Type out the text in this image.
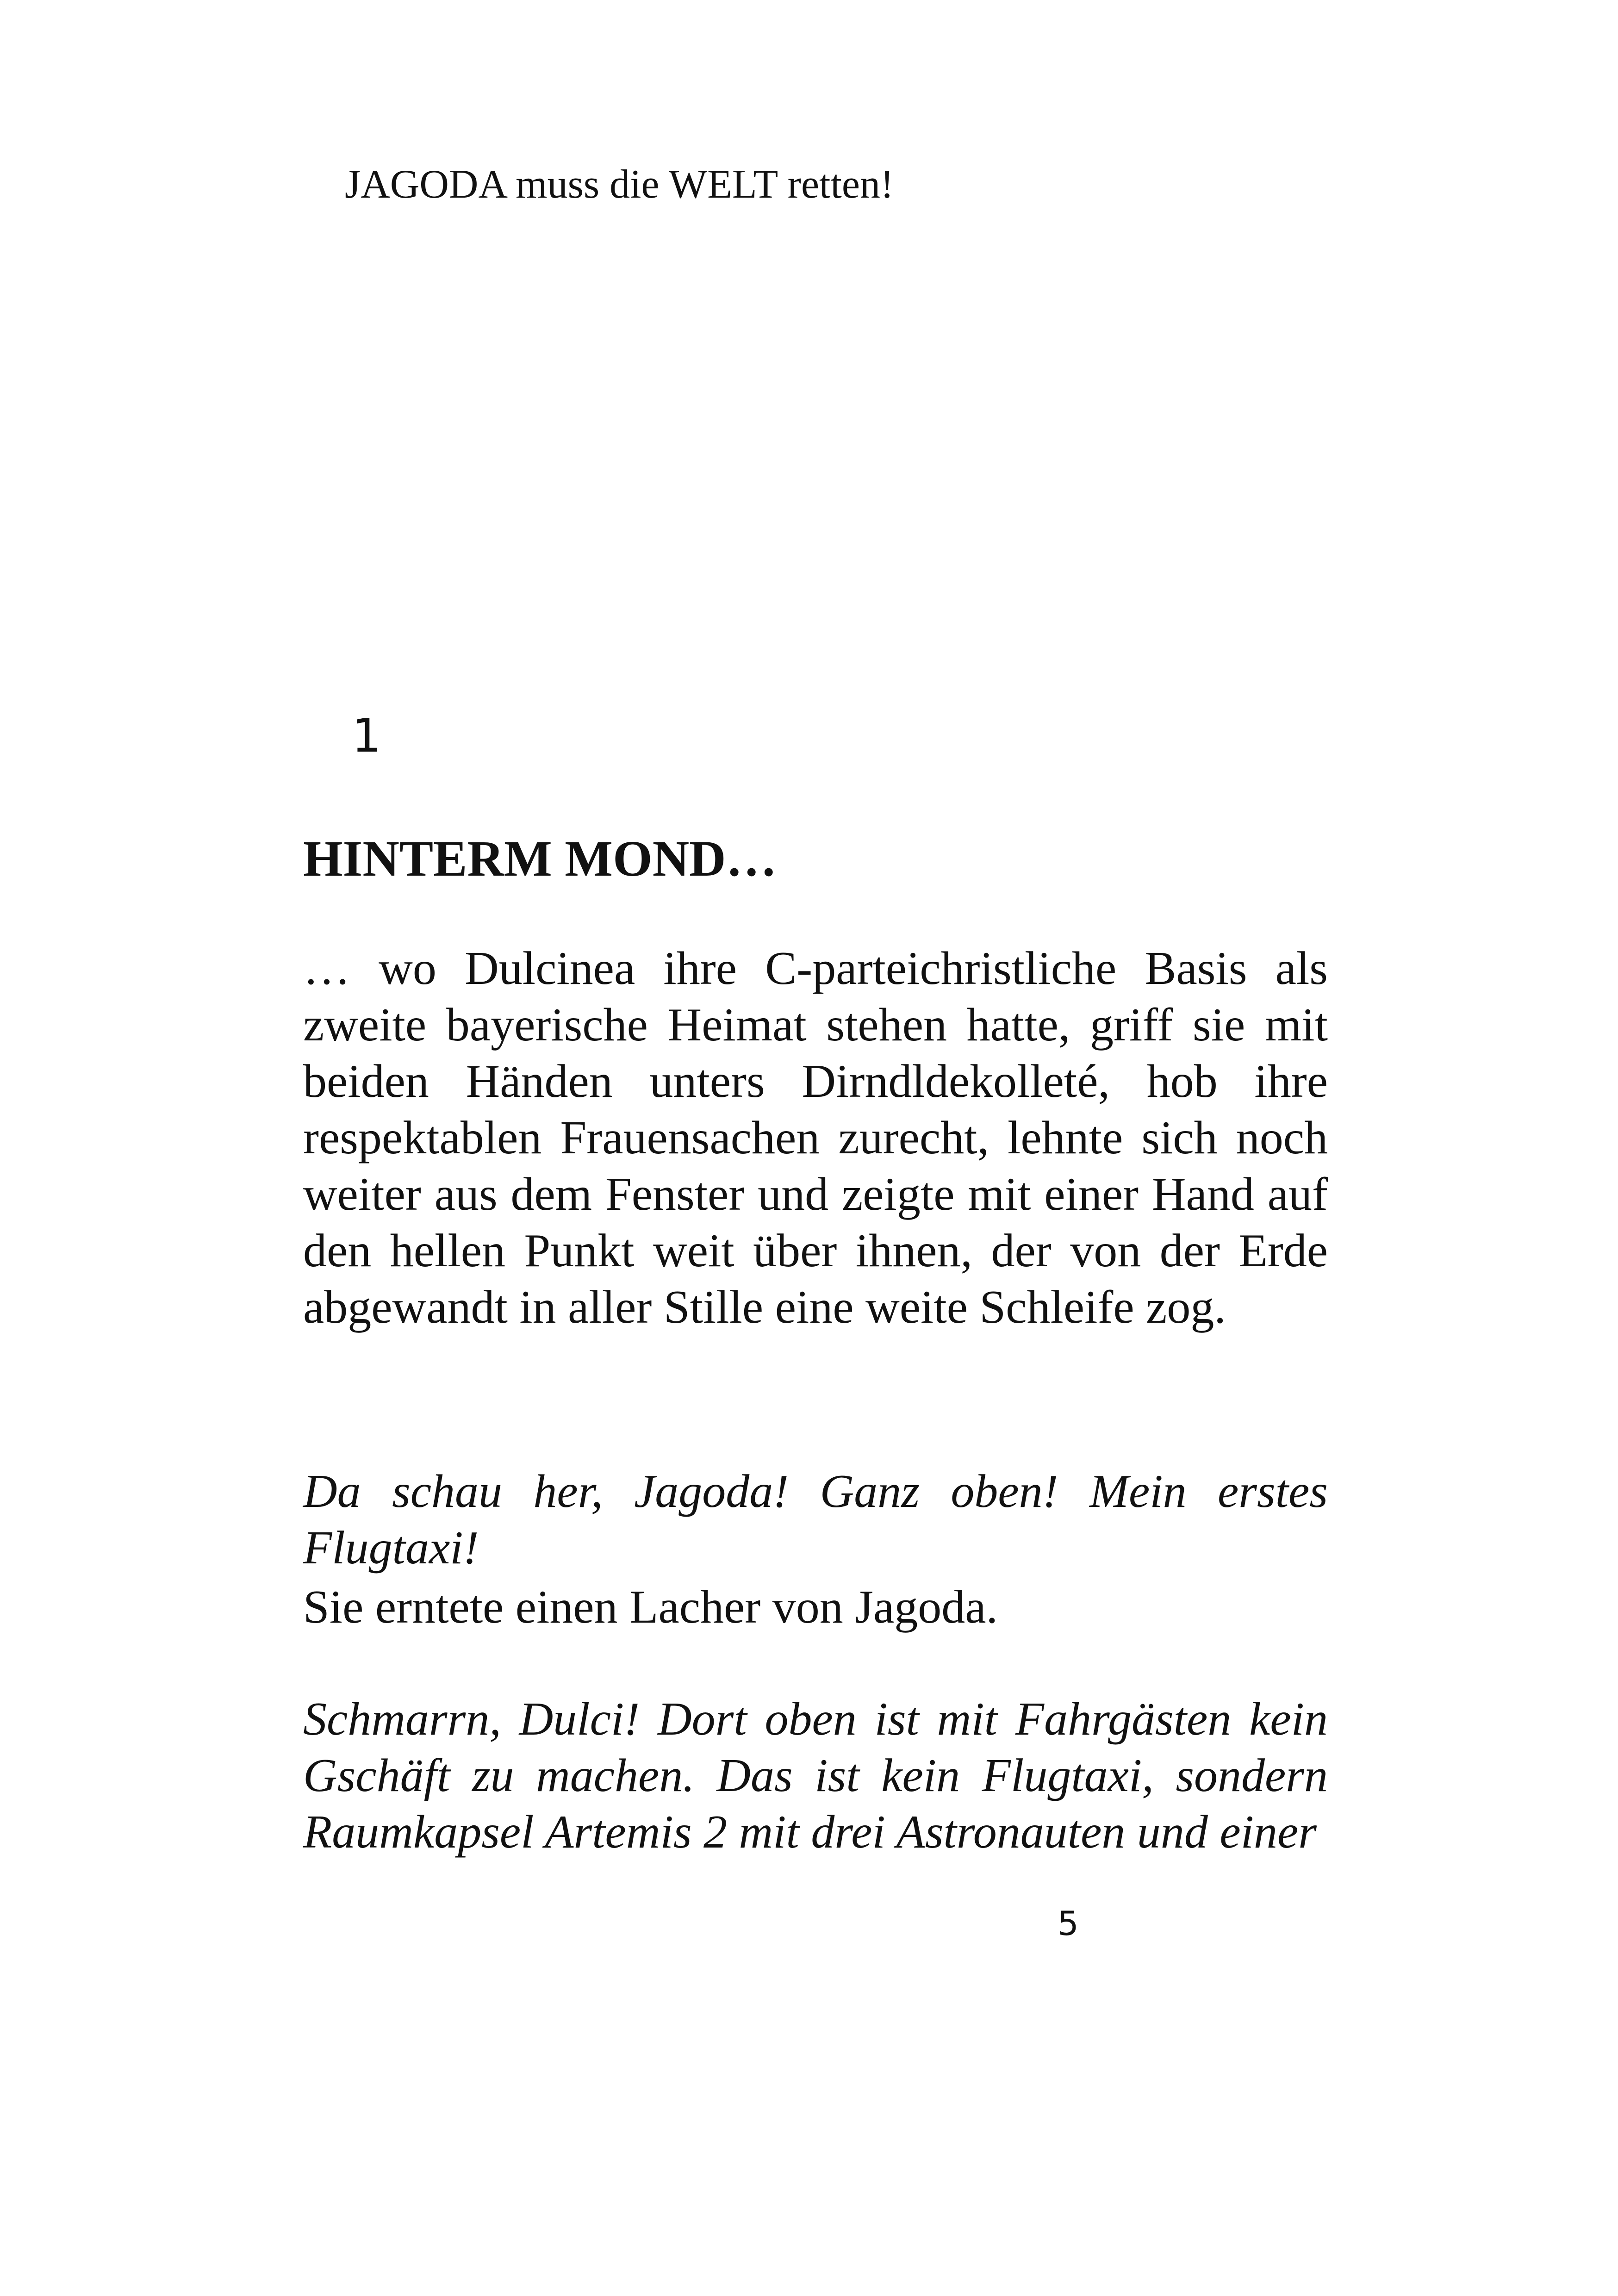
JAGODA muss die WELT retten!
1
HINTERM MOND…

… wo Dulcinea ihre C-parteichristliche Basis als zweite bayerische Heimat stehen hatte, griff sie mit beiden Händen unters Dirndldekolleté, hob ihre respektablen Frauensachen zurecht, lehnte sich noch weiter aus dem Fenster und zeigte mit einer Hand auf den hellen Punkt weit über ihnen, der von der Erde abgewandt in aller Stille eine weite Schleife zog.

Da schau her, Jagoda! Ganz oben! Mein erstes Flugtaxi!

Sie erntete einen Lacher von Jagoda.

Schmarrn, Dulci! Dort oben ist mit Fahrgästen kein Gschäft zu machen. Das ist kein Flugtaxi, sondern Raumkapsel Artemis 2 mit drei Astronauten und einer

5
